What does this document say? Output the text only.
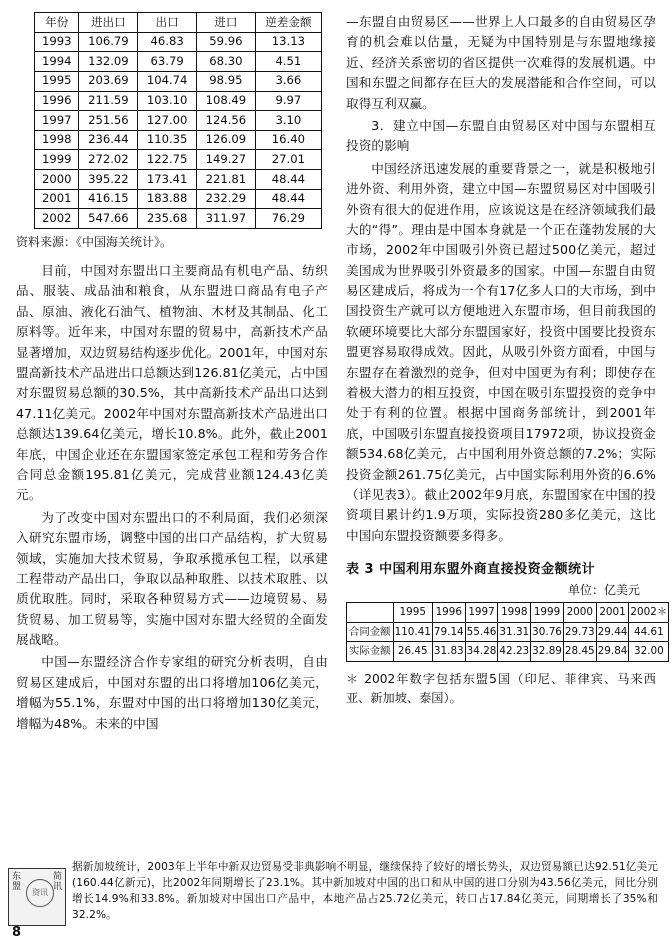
年份	进出口	出口	进口	逆差金额
1993	106.79	46.83	59.96	13.13
1994	132.09	63.79	68.30	4.51
1995	203.69	104.74	98.95	3.66
1996	211.59	103.10	108.49	9.97
1997	251.56	127.00	124.56	3.10
1998	236.44	110.35	126.09	16.40
1999	272.02	122.75	149.27	27.01
2000	395.22	173.41	221.81	48.44
2001	416.15	183.88	232.29	48.44
2002	547.66	235.68	311.97	76.29
资料来源：《中国海关统计》。

目前，中国对东盟出口主要商品有机电产品、纺织品、服装、成品油和粮食，从东盟进口商品有电子产品、原油、液化石油气、植物油、木材及其制品、化工原料等。近年来，中国对东盟的贸易中，高新技术产品显著增加，双边贸易结构逐步优化。2001年，中国对东盟高新技术产品进出口总额达到126.81亿美元，占中国对东盟贸易总额的30.5%，其中高新技术产品出口达到47.11亿美元。2002年中国对东盟高新技术产品进出口总额达139.64亿美元，增长10.8%。此外，截止2001年底，中国企业还在东盟国家签定承包工程和劳务合作合同总金额195.81亿美元，完成营业额124.43亿美元。

为了改变中国对东盟出口的不利局面，我们必须深入研究东盟市场，调整中国的出口产品结构，扩大贸易领域，实施加大技术贸易，争取承揽承包工程，以承建工程带动产品出口，争取以品种取胜、以技术取胜、以质优取胜。同时，采取各种贸易方式——边境贸易、易货贸易、加工贸易等，实施中国对东盟大经贸的全面发展战略。

中国—东盟经济合作专家组的研究分析表明，自由贸易区建成后，中国对东盟的出口将增加106亿美元，增幅为55.1%，东盟对中国的出口将增加130亿美元，增幅为48%。未来的中国

—东盟自由贸易区——世界上人口最多的自由贸易区孕育的机会难以估量，无疑为中国特别是与东盟地缘接近、经济关系密切的省区提供一次难得的发展机遇。中国和东盟之间都存在巨大的发展潜能和合作空间，可以取得互利双赢。

3．建立中国—东盟自由贸易区对中国与东盟相互投资的影响

中国经济迅速发展的重要背景之一，就是积极地引进外资、利用外资，建立中国—东盟贸易区对中国吸引外资有很大的促进作用，应该说这是在经济领域我们最大的“得”。理由是中国本身就是一个正在蓬勃发展的大市场，2002年中国吸引外资已超过500亿美元，超过美国成为世界吸引外资最多的国家。中国—东盟自由贸易区建成后，将成为一个有17亿多人口的大市场，到中国投资生产就可以方便地进入东盟市场，但目前我国的软硬环境要比大部分东盟国家好，投资中国要比投资东盟更容易取得成效。因此，从吸引外资方面看，中国与东盟存在着激烈的竞争，但对中国更为有利；即使存在着极大潜力的相互投资，中国在吸引东盟投资的竞争中处于有利的位置。根据中国商务部统计，到2001年底，中国吸引东盟直接投资项目17972项，协议投资金额534.68亿美元，占中国利用外资总额的7.2%；实际投资金额261.75亿美元，占中国实际利用外资的6.6%（详见表3）。截止2002年9月底，东盟国家在中国的投资项目累计约1.9万项，实际投资280多亿美元，这比中国向东盟投资额要多得多。

表 3 中国利用东盟外商直接投资金额统计
单位：亿美元
	1995	1996	1997	1998	1999	2000	2001	2002＊
合同金额	110.41	79.14	55.46	31.31	30.76	29.73	29.44	44.61
实际金额	26.45	31.83	34.28	42.23	32.89	28.45	29.84	32.00
＊ 2002年数字包括东盟5国（印尼、菲律宾、马来西亚、新加坡、泰国）。
东盟
简讯
资讯

据新加坡统计，2003年上半年中新双边贸易受非典影响不明显，继续保持了较好的增长势头，双边贸易额已达92.51亿美元(160.44亿新元)，比2002年同期增长了23.1%。其中新加坡对中国的出口和从中国的进口分别为43.56亿美元，同比分别增长14.9%和33.8%。新加坡对中国出口产品中，本地产品占25.72亿美元，转口占17.84亿美元，同期增长了35%和32.2%。

8
